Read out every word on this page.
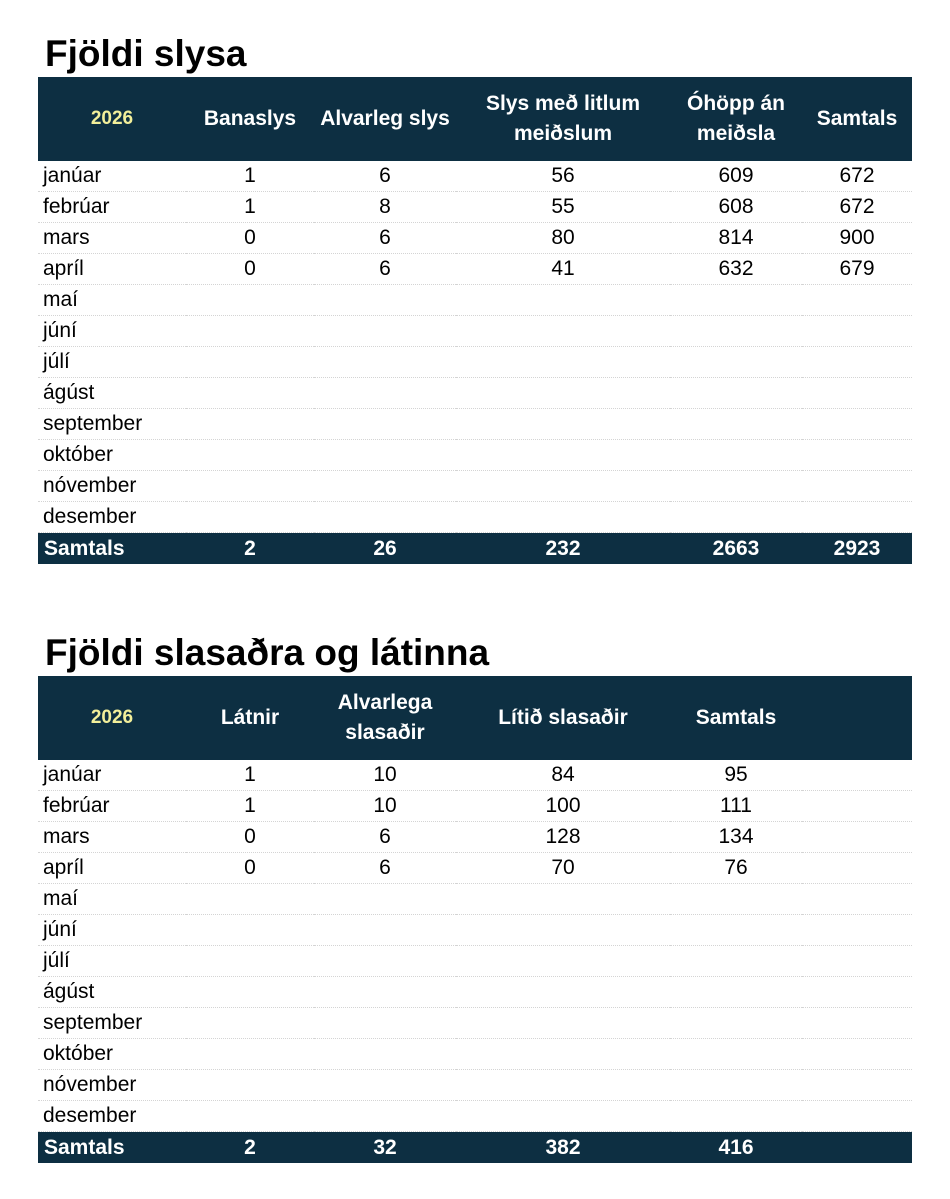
Fjöldi slysa
2026	Banaslys	Alvarleg slys	Slys með litlum meiðslum	Óhöpp án meiðsla	Samtals
janúar	1	6	56	609	672
febrúar	1	8	55	608	672
mars	0	6	80	814	900
apríl	0	6	41	632	679
maí					
júní					
júlí					
ágúst					
september					
október					
nóvember					
desember					
Samtals	2	26	232	2663	2923
Fjöldi slasaðra og látinna
2026	Látnir	Alvarlega slasaðir	Lítið slasaðir	Samtals	
janúar	1	10	84	95	
febrúar	1	10	100	111	
mars	0	6	128	134	
apríl	0	6	70	76	
maí					
júní					
júlí					
ágúst					
september					
október					
nóvember					
desember					
Samtals	2	32	382	416	
